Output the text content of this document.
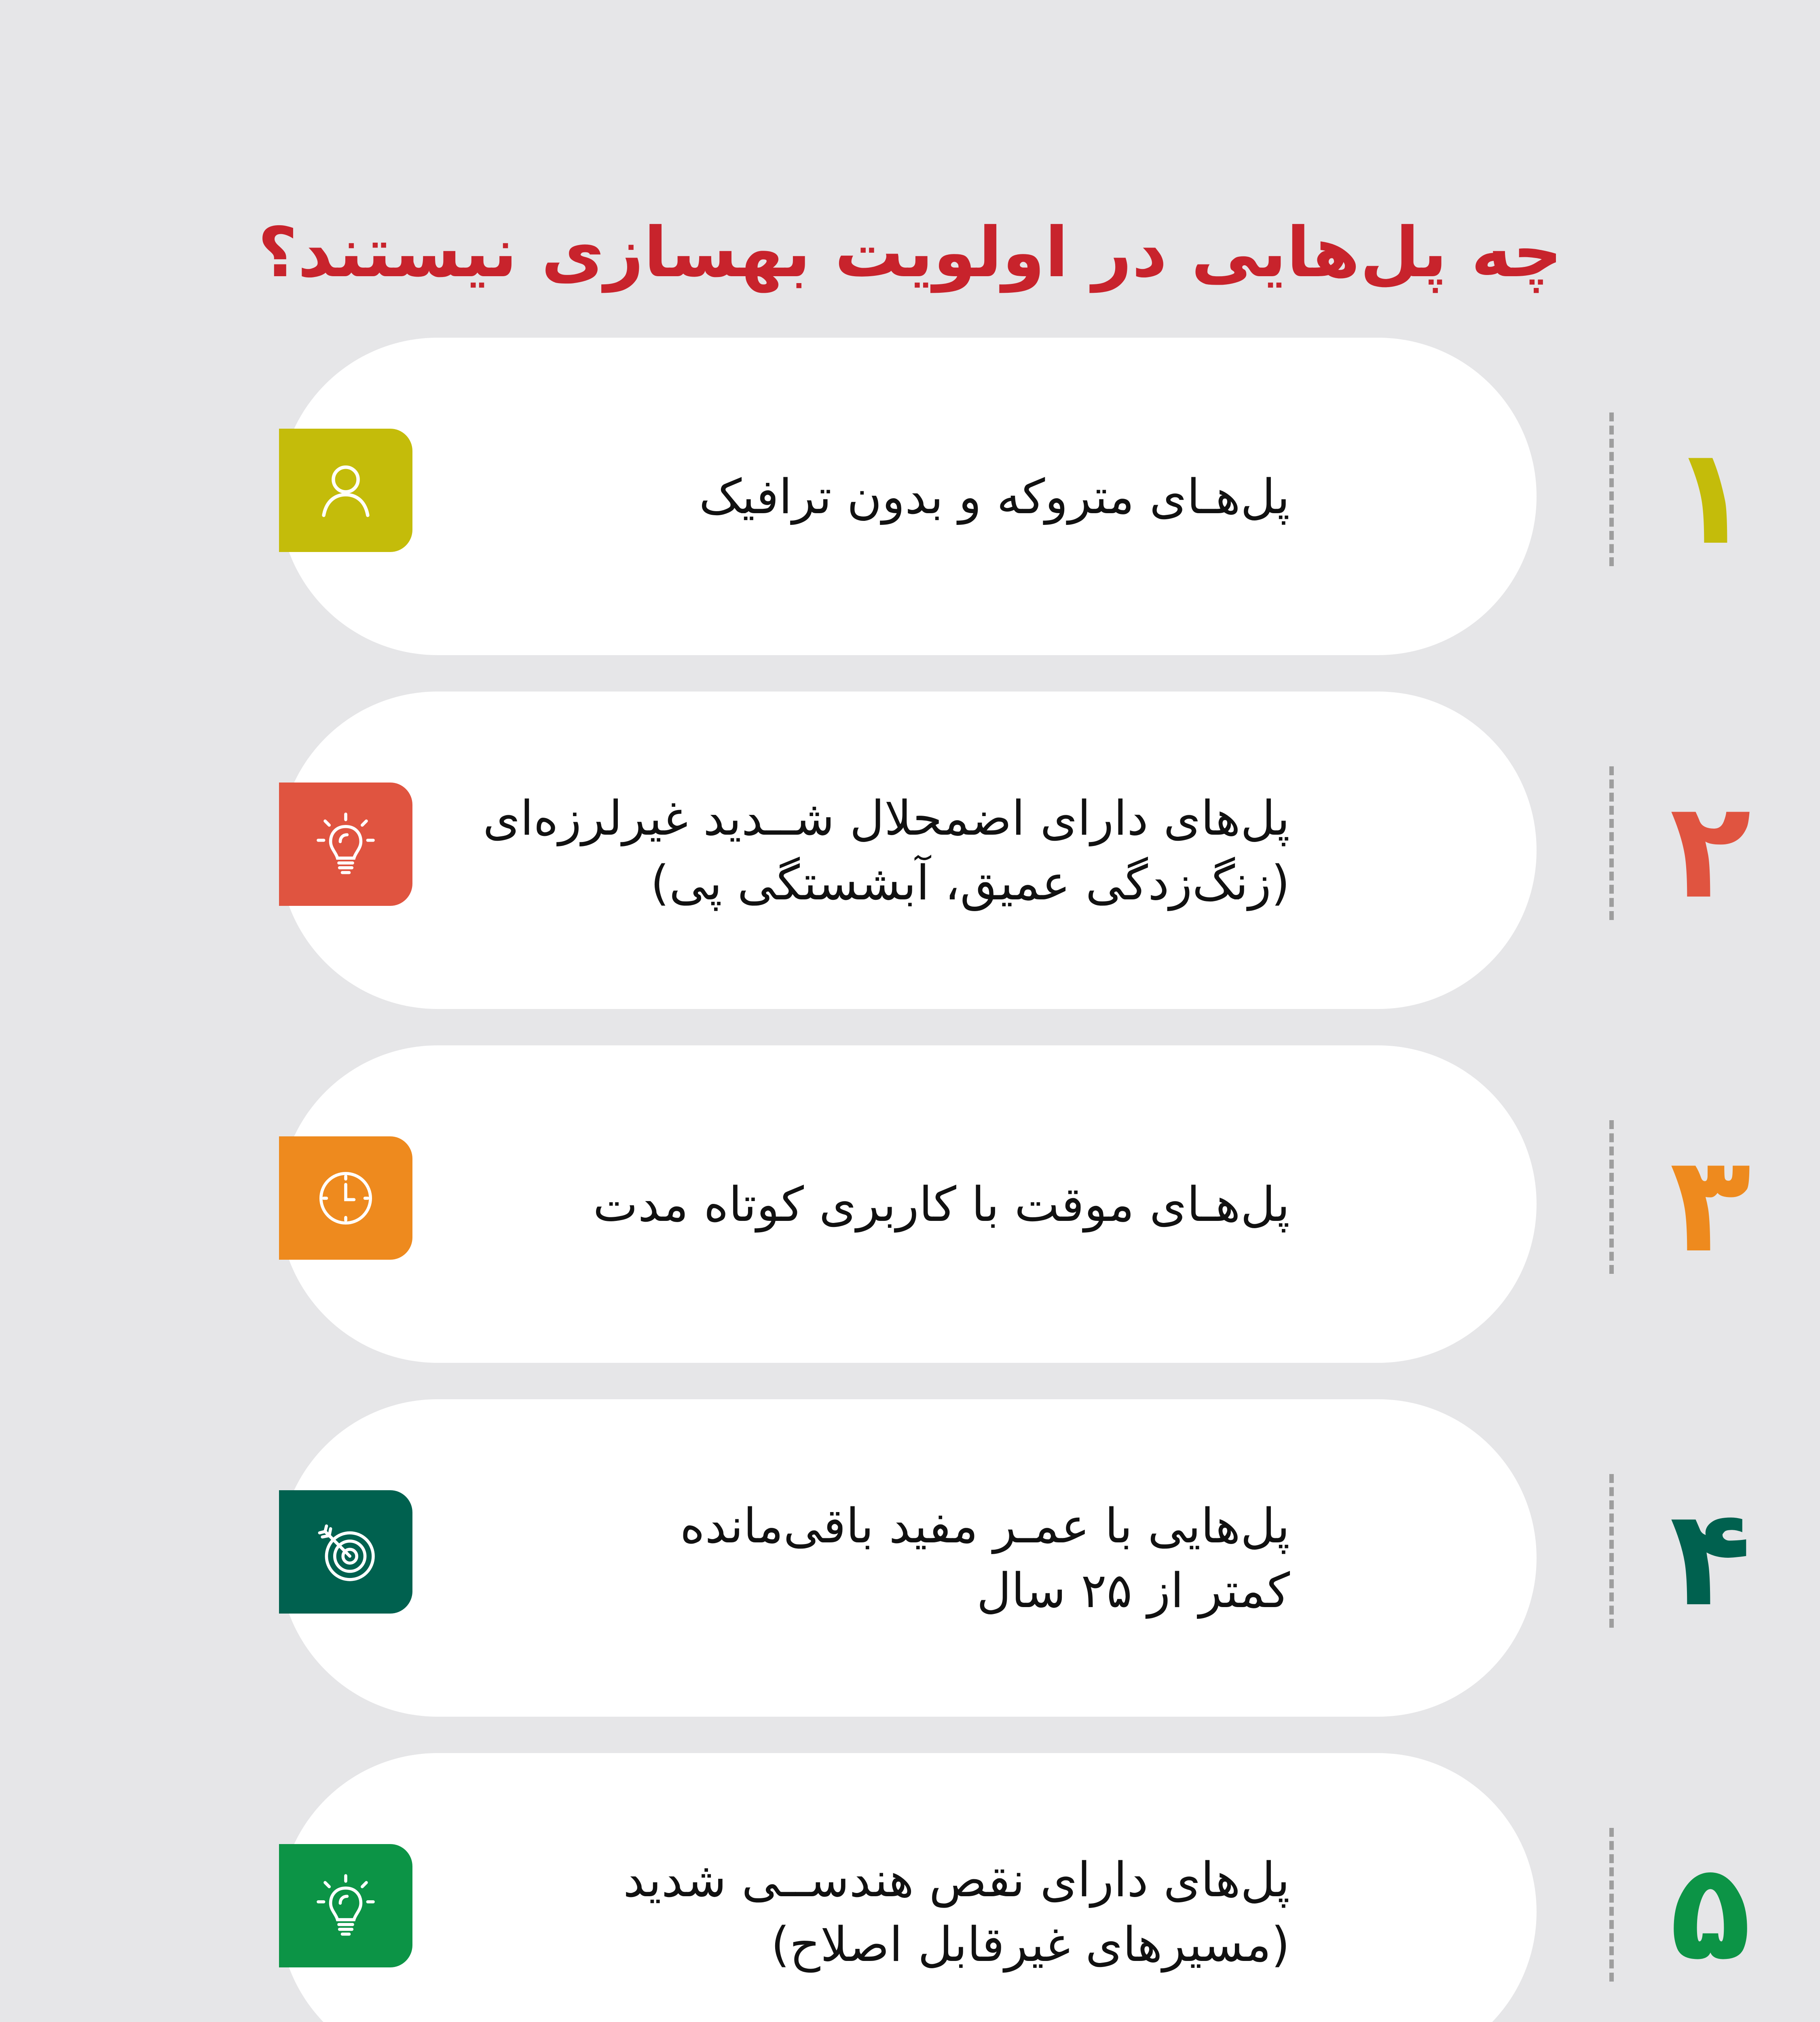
چه پل‌هایی در اولویت بهسازی نیستند؟
۱
پل‌هـای متروکه و بدون ترافیک
۲
پل‌های دارای اضمحلال شــدید غیرلرزه‌ای
(زنگ‌زدگی عمیق، آبشستگی پی)
۳
پل‌هـای موقت با کاربری کوتاه مدت
۴
پل‌هایی با عمـر مفید باقی‌مانده
کمتر از ۲۵ سال
۵
پل‌های دارای نقص هندســی شدید
(مسیرهای غیرقابل اصلاح)
